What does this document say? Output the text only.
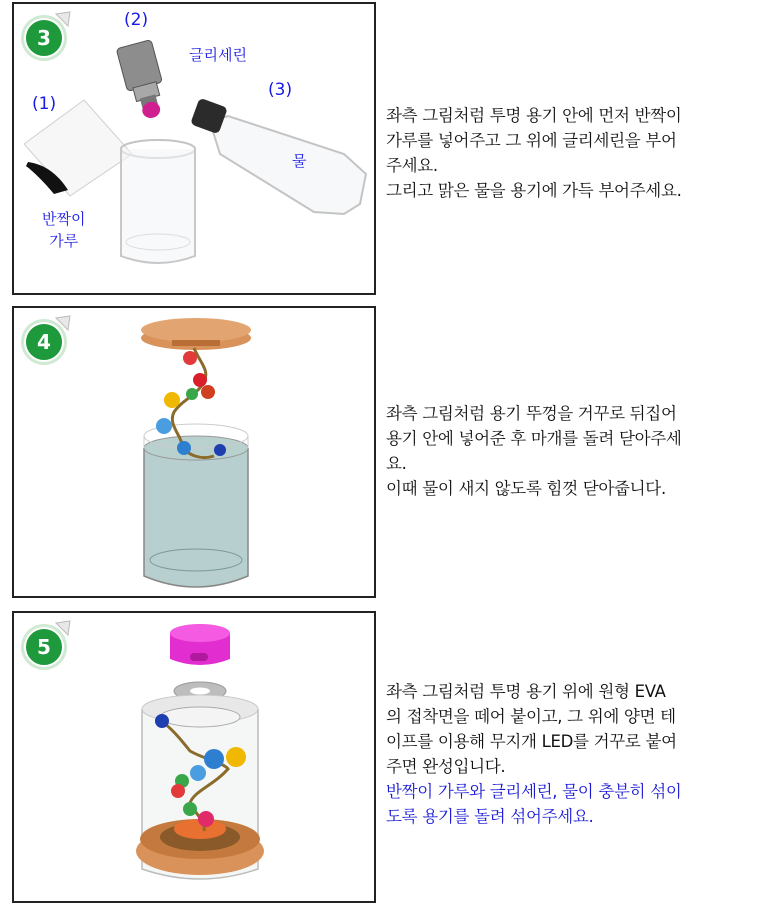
3
(2)
글리세린
(3)
물
(1)
반짝이
가루

좌측 그림처럼 투명 용기 안에 먼저 반짝이

가루를 넣어주고 그 위에 글리세린을 부어

주세요.

그리고 맑은 물을 용기에 가득 부어주세요.

4

좌측 그림처럼 용기 뚜껑을 거꾸로 뒤집어

용기 안에 넣어준 후 마개를 돌려 닫아주세

요.

이때 물이 새지 않도록 힘껏 닫아줍니다.

5

좌측 그림처럼 투명 용기 위에 원형 EVA

의 접착면을 떼어 붙이고, 그 위에 양면 테

이프를 이용해 무지개 LED를 거꾸로 붙여

주면 완성입니다.

반짝이 가루와 글리세린, 물이 충분히 섞이

도록 용기를 돌려 섞어주세요.
